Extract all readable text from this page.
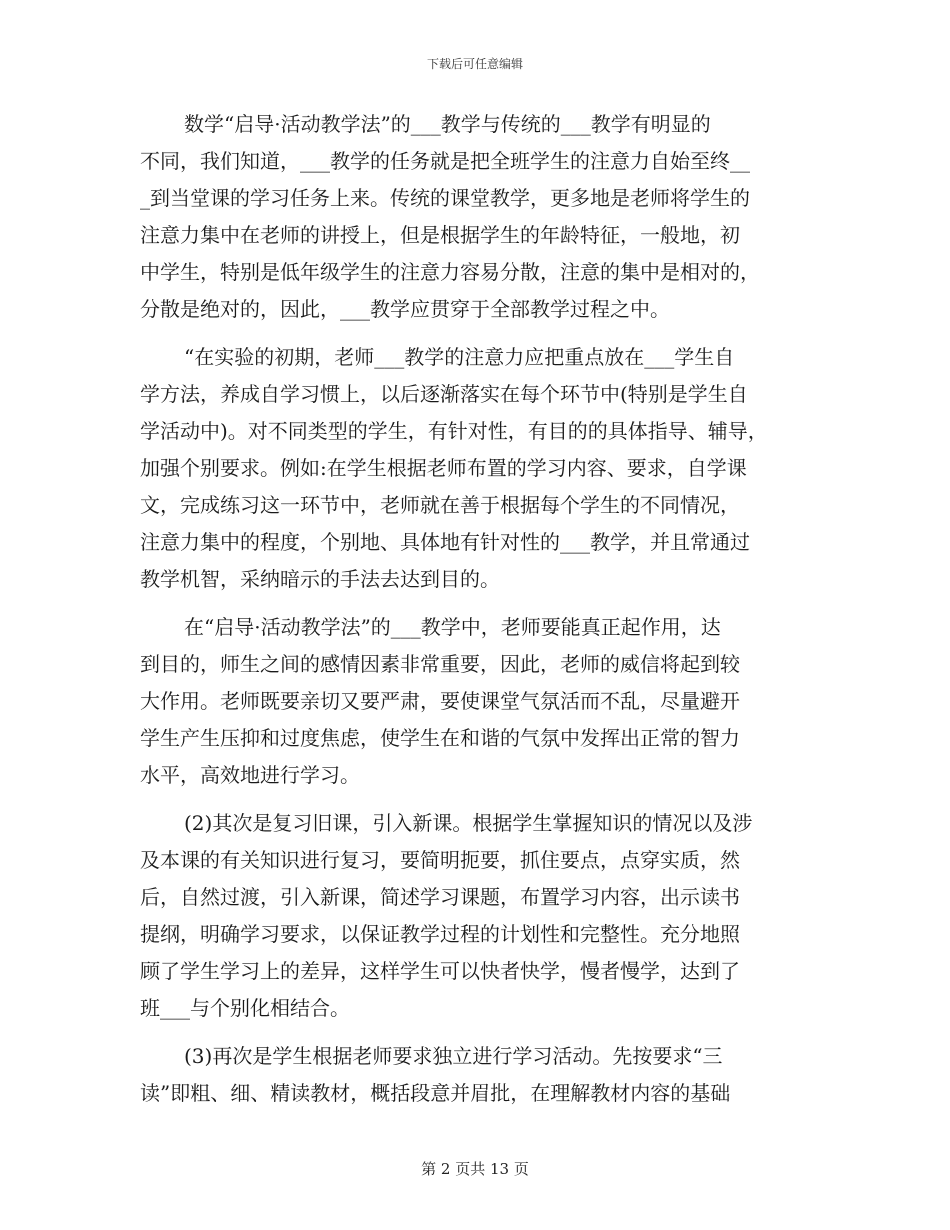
下载后可任意编辑
数学“启导·活动教学法”的___教学与传统的___教学有明显的
不同，我们知道，___教学的任务就是把全班学生的注意力自始至终__
_到当堂课的学习任务上来。传统的课堂教学，更多地是老师将学生的
注意力集中在老师的讲授上，但是根据学生的年龄特征，一般地，初
中学生，特别是低年级学生的注意力容易分散，注意的集中是相对的，
分散是绝对的，因此，___教学应贯穿于全部教学过程之中。
“在实验的初期，老师___教学的注意力应把重点放在___学生自
学方法，养成自学习惯上，以后逐渐落实在每个环节中(特别是学生自
学活动中)。对不同类型的学生，有针对性，有目的的具体指导、辅导，
加强个别要求。例如:在学生根据老师布置的学习内容、要求，自学课
文，完成练习这一环节中，老师就在善于根据每个学生的不同情况，
注意力集中的程度，个别地、具体地有针对性的___教学，并且常通过
教学机智，采纳暗示的手法去达到目的。
在“启导·活动教学法”的___教学中，老师要能真正起作用，达
到目的，师生之间的感情因素非常重要，因此，老师的威信将起到较
大作用。老师既要亲切又要严肃，要使课堂气氛活而不乱，尽量避开
学生产生压抑和过度焦虑，使学生在和谐的气氛中发挥出正常的智力
水平，高效地进行学习。
(2)其次是复习旧课，引入新课。根据学生掌握知识的情况以及涉
及本课的有关知识进行复习，要简明扼要，抓住要点，点穿实质，然
后，自然过渡，引入新课，简述学习课题，布置学习内容，出示读书
提纲，明确学习要求，以保证教学过程的计划性和完整性。充分地照
顾了学生学习上的差异，这样学生可以快者快学，慢者慢学，达到了
班___与个别化相结合。
(3)再次是学生根据老师要求独立进行学习活动。先按要求“三
读”即粗、细、精读教材，概括段意并眉批，在理解教材内容的基础
第 2 页共 13 页
